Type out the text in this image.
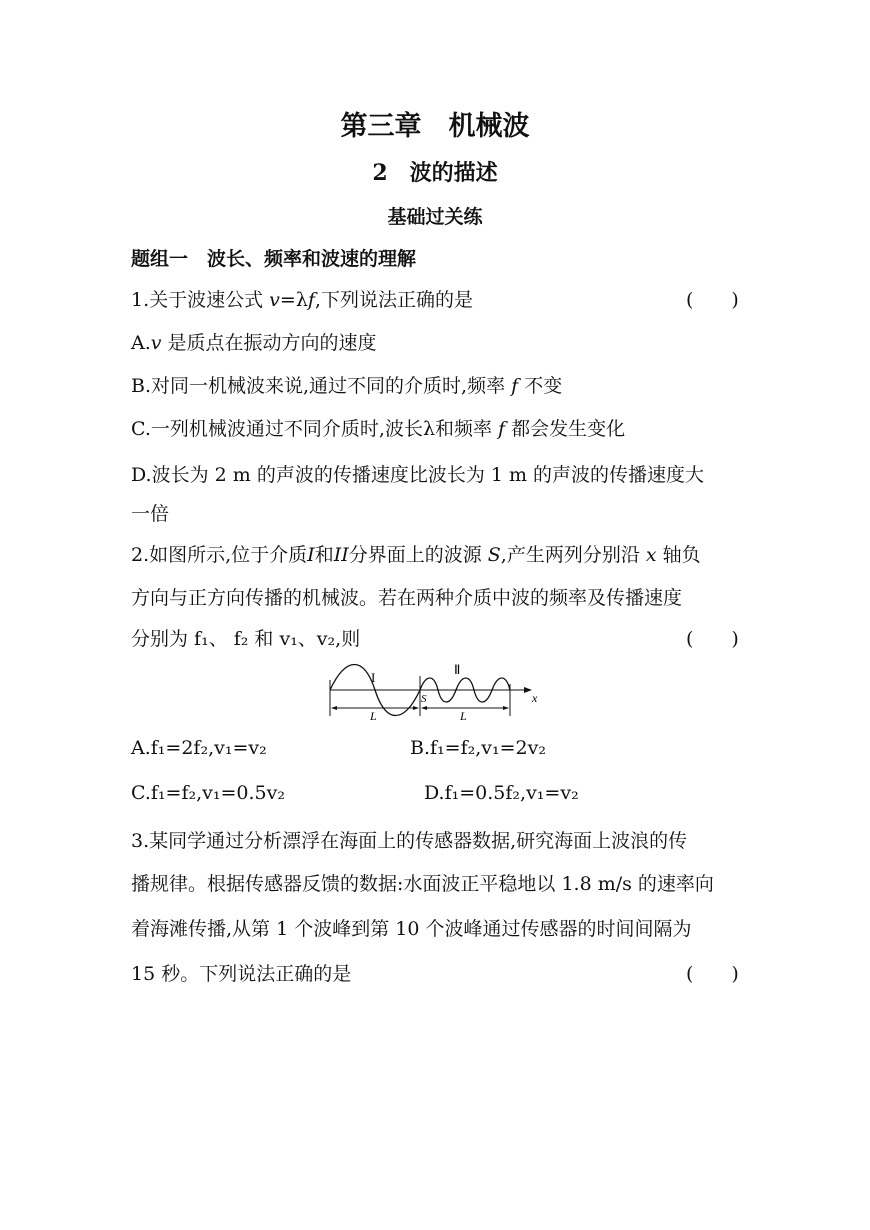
第三章　机械波
2　波的描述
基础过关练
题组一　波长、频率和波速的理解
1.关于波速公式 v=λf,下列说法正确的是	(　　)
A.v 是质点在振动方向的速度
B.对同一机械波来说,通过不同的介质时,频率 f 不变
C.一列机械波通过不同介质时,波长λ和频率 f 都会发生变化
D.波长为 2 m 的声波的传播速度比波长为 1 m 的声波的传播速度大
一倍
2.如图所示,位于介质I和II分界面上的波源 S,产生两列分别沿 x 轴负
方向与正方向传播的机械波。若在两种介质中波的频率及传播速度
分别为 f₁、 f₂ 和 v₁、v₂,则	(　　)
I
Ⅱ
S	x
L	L
A.f₁=2f₂,v₁=v₂	B.f₁=f₂,v₁=2v₂
C.f₁=f₂,v₁=0.5v₂	D.f₁=0.5f₂,v₁=v₂
3.某同学通过分析漂浮在海面上的传感器数据,研究海面上波浪的传
播规律。根据传感器反馈的数据:水面波正平稳地以 1.8 m/s 的速率向
着海滩传播,从第 1 个波峰到第 10 个波峰通过传感器的时间间隔为
15 秒。下列说法正确的是	(　　)
